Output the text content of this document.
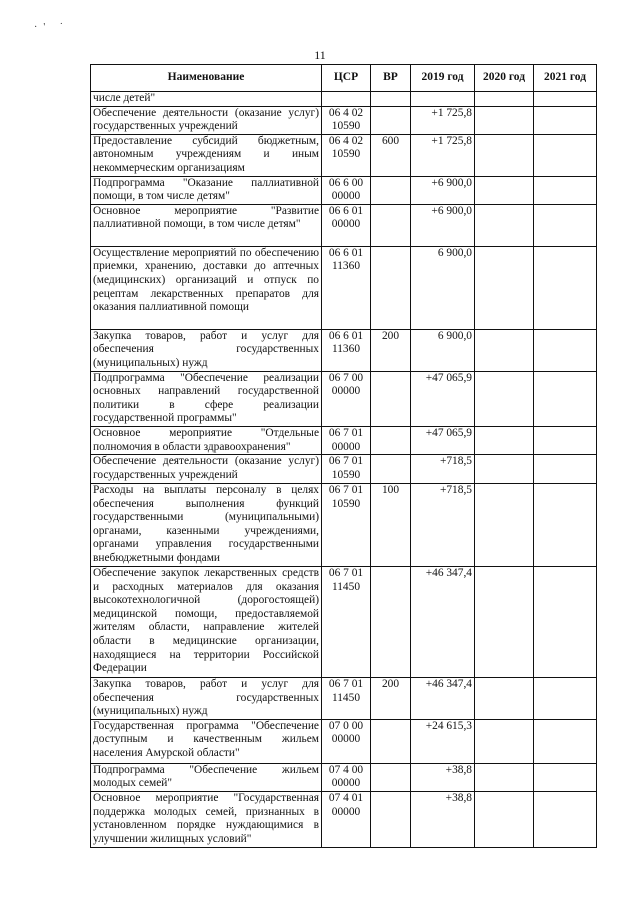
·' ˙
11
Наименование	ЦСР	ВР	2019 год	2020 год	2021 год
числе детей"					
Обеспечение деятельности (оказание услуг) государственных учреждений	06 4 02 10590		+1 725,8		
Предоставление субсидий бюджетным, автономным учреждениям и иным некоммерческим организациям	06 4 02 10590	600	+1 725,8		
Подпрограмма "Оказание паллиативной помощи, в том числе детям"	06 6 00 00000		+6 900,0		
Основное мероприятие "Развитие паллиативной помощи, в том числе детям"	06 6 01 00000		+6 900,0		
Осуществление мероприятий по обеспечению приемки, хранению, доставки до аптечных (медицинских) организаций и отпуск по рецептам лекарственных препаратов для оказания паллиативной помощи	06 6 01 11360		6 900,0		
Закупка товаров, работ и услуг для обеспечения государственных (муниципальных) нужд	06 6 01 11360	200	6 900,0		
Подпрограмма "Обеспечение реализации основных направлений государственной политики в сфере реализации государственной программы"	06 7 00 00000		+47 065,9		
Основное мероприятие "Отдельные полномочия в области здравоохранения"	06 7 01 00000		+47 065,9		
Обеспечение деятельности (оказание услуг) государственных учреждений	06 7 01 10590		+718,5		
Расходы на выплаты персоналу в целях обеспечения выполнения функций государственными (муниципальными) органами, казенными учреждениями, органами управления государственными внебюджетными фондами	06 7 01 10590	100	+718,5		
Обеспечение закупок лекарственных средств и расходных материалов для оказания высокотехнологичной (дорогостоящей) медицинской помощи, предоставляемой жителям области, направление жителей области в медицинские организации, находящиеся на территории Российской Федерации	06 7 01 11450		+46 347,4		
Закупка товаров, работ и услуг для обеспечения государственных (муниципальных) нужд	06 7 01 11450	200	+46 347,4		
Государственная программа "Обеспечение доступным и качественным жильем населения Амурской области"	07 0 00 00000		+24 615,3		
Подпрограмма "Обеспечение жильем молодых семей"	07 4 00 00000		+38,8		
Основное мероприятие "Государственная поддержка молодых семей, признанных в установленном порядке нуждающимися в улучшении жилищных условий"	07 4 01 00000		+38,8		
